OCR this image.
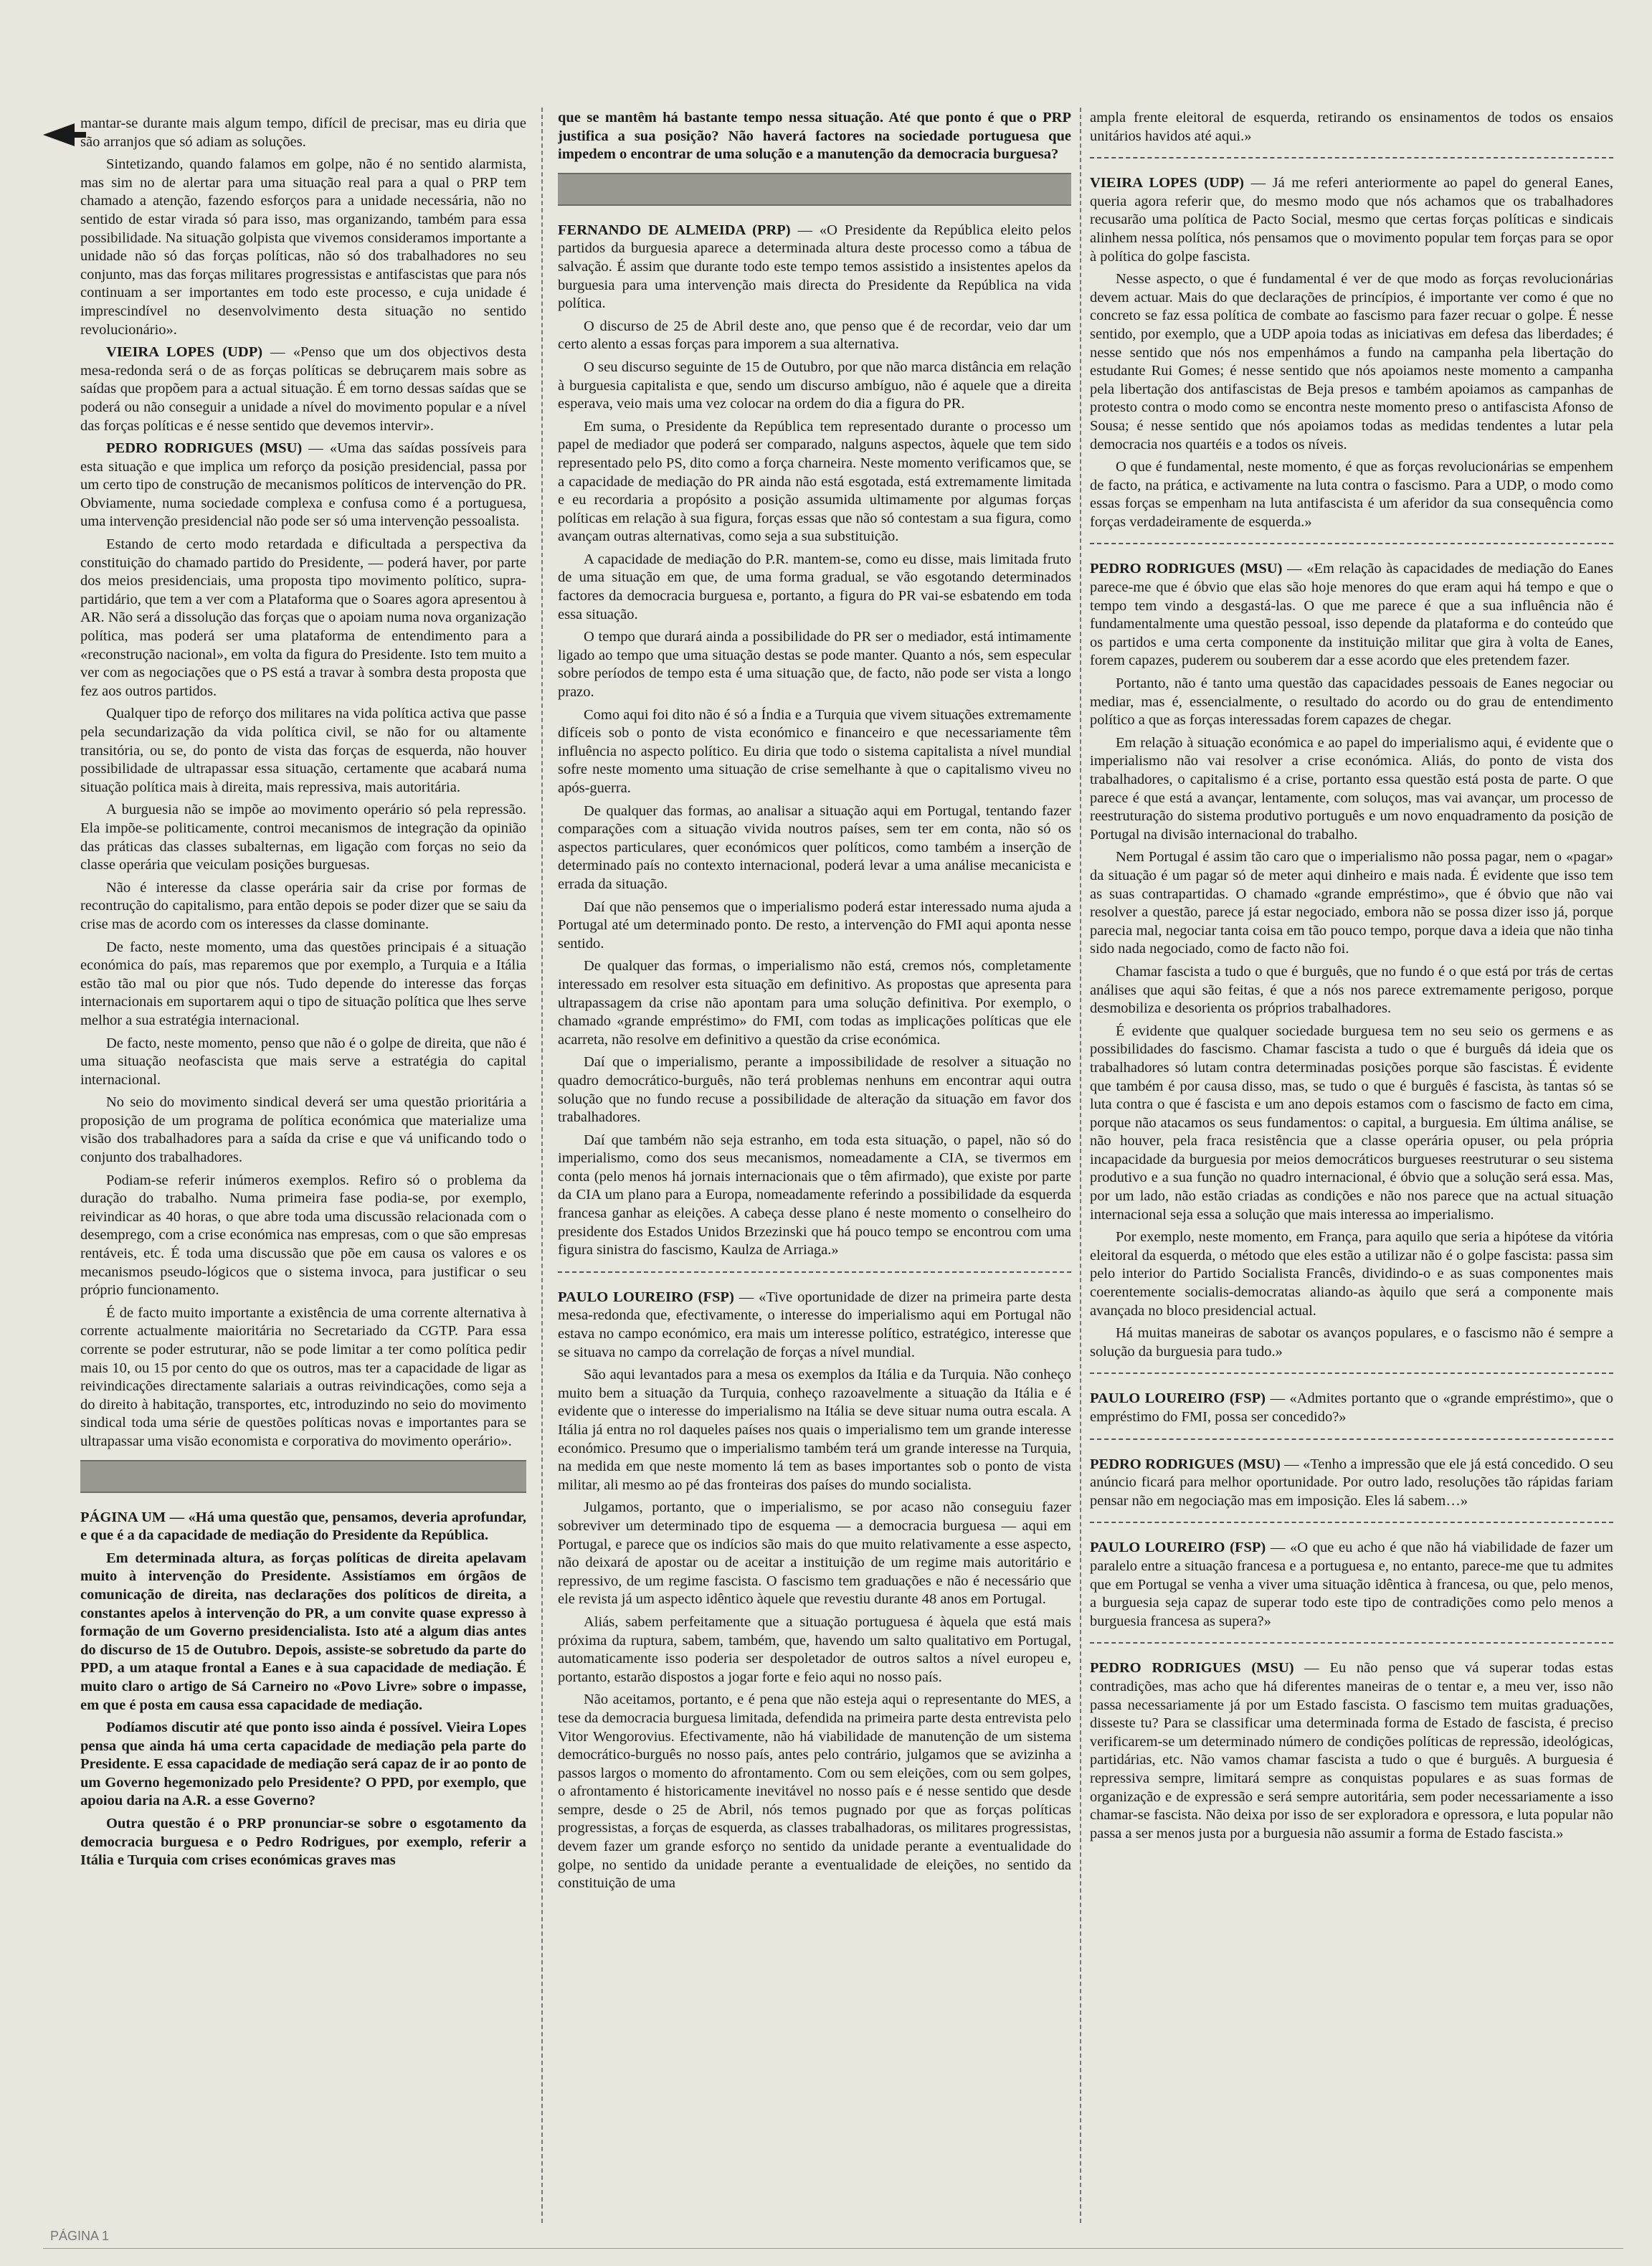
mantar-se durante mais algum tempo, difícil de precisar, mas eu diria que são arranjos que só adiam as soluções.

Sintetizando, quando falamos em golpe, não é no sentido alarmista, mas sim no de alertar para uma situação real para a qual o PRP tem chamado a atenção, fazendo esforços para a unidade necessária, não no sentido de estar virada só para isso, mas organizando, também para essa possibilidade. Na situação golpista que vivemos consideramos importante a unidade não só das forças políticas, não só dos trabalhadores no seu conjunto, mas das forças militares progressistas e antifascistas que para nós continuam a ser importantes em todo este processo, e cuja unidade é imprescindível no desenvolvimento desta situação no sentido revolucionário».

VIEIRA LOPES (UDP) — «Penso que um dos objectivos desta mesa-redonda será o de as forças políticas se debruçarem mais sobre as saídas que propõem para a actual situação. É em torno dessas saídas que se poderá ou não conseguir a unidade a nível do movimento popular e a nível das forças políticas e é nesse sentido que devemos intervir».

PEDRO RODRIGUES (MSU) — «Uma das saídas possíveis para esta situação e que implica um reforço da posição presidencial, passa por um certo tipo de construção de mecanismos políticos de intervenção do PR. Obviamente, numa sociedade complexa e confusa como é a portuguesa, uma intervenção presidencial não pode ser só uma intervenção pessoalista.

Estando de certo modo retardada e dificultada a perspectiva da constituição do chamado partido do Presidente, — poderá haver, por parte dos meios presidenciais, uma proposta tipo movimento político, supra-partidário, que tem a ver com a Plataforma que o Soares agora apresentou à AR. Não será a dissolução das forças que o apoiam numa nova organização política, mas poderá ser uma plataforma de entendimento para a «reconstrução nacional», em volta da figura do Presidente. Isto tem muito a ver com as negociações que o PS está a travar à sombra desta proposta que fez aos outros partidos.

Qualquer tipo de reforço dos militares na vida política activa que passe pela secundarização da vida política civil, se não for ou altamente transitória, ou se, do ponto de vista das forças de esquerda, não houver possibilidade de ultrapassar essa situação, certamente que acabará numa situação política mais à direita, mais repressiva, mais autoritária.

A burguesia não se impõe ao movimento operário só pela repressão. Ela impõe-se politicamente, controi mecanismos de integração da opinião das práticas das classes subalternas, em ligação com forças no seio da classe operária que veiculam posições burguesas.

Não é interesse da classe operária sair da crise por formas de recontrução do capitalismo, para então depois se poder dizer que se saiu da crise mas de acordo com os interesses da classe dominante.

De facto, neste momento, uma das questões principais é a situação económica do país, mas reparemos que por exemplo, a Turquia e a Itália estão tão mal ou pior que nós. Tudo depende do interesse das forças internacionais em suportarem aqui o tipo de situação política que lhes serve melhor a sua estratégia internacional.

De facto, neste momento, penso que não é o golpe de direita, que não é uma situação neofascista que mais serve a estratégia do capital internacional.

No seio do movimento sindical deverá ser uma questão prioritária a proposição de um programa de política económica que materialize uma visão dos trabalhadores para a saída da crise e que vá unificando todo o conjunto dos trabalhadores.

Podiam-se referir inúmeros exemplos. Refiro só o problema da duração do trabalho. Numa primeira fase podia-se, por exemplo, reivindicar as 40 horas, o que abre toda uma discussão relacionada com o desemprego, com a crise económica nas empresas, com o que são empresas rentáveis, etc. É toda uma discussão que põe em causa os valores e os mecanismos pseudo-lógicos que o sistema invoca, para justificar o seu próprio funcionamento.

É de facto muito importante a existência de uma corrente alternativa à corrente actualmente maioritária no Secretariado da CGTP. Para essa corrente se poder estruturar, não se pode limitar a ter como política pedir mais 10, ou 15 por cento do que os outros, mas ter a capacidade de ligar as reivindicações directamente salariais a outras reivindicações, como seja a do direito à habitação, transportes, etc, introduzindo no seio do movimento sindical toda uma série de questões políticas novas e importantes para se ultrapassar uma visão economista e corporativa do movimento operário».

PÁGINA UM — «Há uma questão que, pensamos, deveria aprofundar, e que é a da capacidade de mediação do Presidente da República.

Em determinada altura, as forças políticas de direita apelavam muito à intervenção do Presidente. Assistíamos em órgãos de comunicação de direita, nas declarações dos políticos de direita, a constantes apelos à intervenção do PR, a um convite quase expresso à formação de um Governo presidencialista. Isto até a algum dias antes do discurso de 15 de Outubro. Depois, assiste-se sobretudo da parte do PPD, a um ataque frontal a Eanes e à sua capacidade de mediação. É muito claro o artigo de Sá Carneiro no «Povo Livre» sobre o impasse, em que é posta em causa essa capacidade de mediação.

Podíamos discutir até que ponto isso ainda é possível. Vieira Lopes pensa que ainda há uma certa capacidade de mediação pela parte do Presidente. E essa capacidade de mediação será capaz de ir ao ponto de um Governo hegemonizado pelo Presidente? O PPD, por exemplo, que apoiou daria na A.R. a esse Governo?

Outra questão é o PRP pronunciar-se sobre o esgotamento da democracia burguesa e o Pedro Rodrigues, por exemplo, referir a Itália e Turquia com crises económicas graves mas

que se mantêm há bastante tempo nessa situação. Até que ponto é que o PRP justifica a sua posição? Não haverá factores na sociedade portuguesa que impedem o encontrar de uma solução e a manutenção da democracia burguesa?

FERNANDO DE ALMEIDA (PRP) — «O Presidente da República eleito pelos partidos da burguesia aparece a determinada altura deste processo como a tábua de salvação. É assim que durante todo este tempo temos assistido a insistentes apelos da burguesia para uma intervenção mais directa do Presidente da República na vida política.

O discurso de 25 de Abril deste ano, que penso que é de recordar, veio dar um certo alento a essas forças para imporem a sua alternativa.

O seu discurso seguinte de 15 de Outubro, por que não marca distância em relação à burguesia capitalista e que, sendo um discurso ambíguo, não é aquele que a direita esperava, veio mais uma vez colocar na ordem do dia a figura do PR.

Em suma, o Presidente da República tem representado durante o processo um papel de mediador que poderá ser comparado, nalguns aspectos, àquele que tem sido representado pelo PS, dito como a força charneira. Neste momento verificamos que, se a capacidade de mediação do PR ainda não está esgotada, está extremamente limitada e eu recordaria a propósito a posição assumida ultimamente por algumas forças políticas em relação à sua figura, forças essas que não só contestam a sua figura, como avançam outras alternativas, como seja a sua substituição.

A capacidade de mediação do P.R. mantem-se, como eu disse, mais limitada fruto de uma situação em que, de uma forma gradual, se vão esgotando determinados factores da democracia burguesa e, portanto, a figura do PR vai-se esbatendo em toda essa situação.

O tempo que durará ainda a possibilidade do PR ser o mediador, está intimamente ligado ao tempo que uma situação destas se pode manter. Quanto a nós, sem especular sobre períodos de tempo esta é uma situação que, de facto, não pode ser vista a longo prazo.

Como aqui foi dito não é só a Índia e a Turquia que vivem situações extremamente difíceis sob o ponto de vista económico e financeiro e que necessariamente têm influência no aspecto político. Eu diria que todo o sistema capitalista a nível mundial sofre neste momento uma situação de crise semelhante à que o capitalismo viveu no após-guerra.

De qualquer das formas, ao analisar a situação aqui em Portugal, tentando fazer comparações com a situação vivida noutros países, sem ter em conta, não só os aspectos particulares, quer económicos quer políticos, como também a inserção de determinado país no contexto internacional, poderá levar a uma análise mecanicista e errada da situação.

Daí que não pensemos que o imperialismo poderá estar interessado numa ajuda a Portugal até um determinado ponto. De resto, a intervenção do FMI aqui aponta nesse sentido.

De qualquer das formas, o imperialismo não está, cremos nós, completamente interessado em resolver esta situação em definitivo. As propostas que apresenta para ultrapassagem da crise não apontam para uma solução definitiva. Por exemplo, o chamado «grande empréstimo» do FMI, com todas as implicações políticas que ele acarreta, não resolve em definitivo a questão da crise económica.

Daí que o imperialismo, perante a impossibilidade de resolver a situação no quadro democrático-burguês, não terá problemas nenhuns em encontrar aqui outra solução que no fundo recuse a possibilidade de alteração da situação em favor dos trabalhadores.

Daí que também não seja estranho, em toda esta situação, o papel, não só do imperialismo, como dos seus mecanismos, nomeadamente a CIA, se tivermos em conta (pelo menos há jornais internacionais que o têm afirmado), que existe por parte da CIA um plano para a Europa, nomeadamente referindo a possibilidade da esquerda francesa ganhar as eleições. A cabeça desse plano é neste momento o conselheiro do presidente dos Estados Unidos Brzezinski que há pouco tempo se encontrou com uma figura sinistra do fascismo, Kaulza de Arriaga.»

PAULO LOUREIRO (FSP) — «Tive oportunidade de dizer na primeira parte desta mesa-redonda que, efectivamente, o interesse do imperialismo aqui em Portugal não estava no campo económico, era mais um interesse político, estratégico, interesse que se situava no campo da correlação de forças a nível mundial.

São aqui levantados para a mesa os exemplos da Itália e da Turquia. Não conheço muito bem a situação da Turquia, conheço razoavelmente a situação da Itália e é evidente que o interesse do imperialismo na Itália se deve situar numa outra escala. A Itália já entra no rol daqueles países nos quais o imperialismo tem um grande interesse económico. Presumo que o imperialismo também terá um grande interesse na Turquia, na medida em que neste momento lá tem as bases importantes sob o ponto de vista militar, ali mesmo ao pé das fronteiras dos países do mundo socialista.

Julgamos, portanto, que o imperialismo, se por acaso não conseguiu fazer sobreviver um determinado tipo de esquema — a democracia burguesa — aqui em Portugal, e parece que os indícios são mais do que muito relativamente a esse aspecto, não deixará de apostar ou de aceitar a instituição de um regime mais autoritário e repressivo, de um regime fascista. O fascismo tem graduações e não é necessário que ele revista já um aspecto idêntico àquele que revestiu durante 48 anos em Portugal.

Aliás, sabem perfeitamente que a situação portuguesa é àquela que está mais próxima da ruptura, sabem, também, que, havendo um salto qualitativo em Portugal, automaticamente isso poderia ser despoletador de outros saltos a nível europeu e, portanto, estarão dispostos a jogar forte e feio aqui no nosso país.

Não aceitamos, portanto, e é pena que não esteja aqui o representante do MES, a tese da democracia burguesa limitada, defendida na primeira parte desta entrevista pelo Vitor Wengorovius. Efectivamente, não há viabilidade de manutenção de um sistema democrático-burguês no nosso país, antes pelo contrário, julgamos que se avizinha a passos largos o momento do afrontamento. Com ou sem eleições, com ou sem golpes, o afrontamento é historicamente inevitável no nosso país e é nesse sentido que desde sempre, desde o 25 de Abril, nós temos pugnado por que as forças políticas progressistas, a forças de esquerda, as classes trabalhadoras, os militares progressistas, devem fazer um grande esforço no sentido da unidade perante a eventualidade do golpe, no sentido da unidade perante a eventualidade de eleições, no sentido da constituição de uma

ampla frente eleitoral de esquerda, retirando os ensinamentos de todos os ensaios unitários havidos até aqui.»

VIEIRA LOPES (UDP) — Já me referi anteriormente ao papel do general Eanes, queria agora referir que, do mesmo modo que nós achamos que os trabalhadores recusarão uma política de Pacto Social, mesmo que certas forças políticas e sindicais alinhem nessa política, nós pensamos que o movimento popular tem forças para se opor à política do golpe fascista.

Nesse aspecto, o que é fundamental é ver de que modo as forças revolucionárias devem actuar. Mais do que declarações de princípios, é importante ver como é que no concreto se faz essa política de combate ao fascismo para fazer recuar o golpe. É nesse sentido, por exemplo, que a UDP apoia todas as iniciativas em defesa das liberdades; é nesse sentido que nós nos empenhámos a fundo na campanha pela libertação do estudante Rui Gomes; é nesse sentido que nós apoiamos neste momento a campanha pela libertação dos antifascistas de Beja presos e também apoiamos as campanhas de protesto contra o modo como se encontra neste momento preso o antifascista Afonso de Sousa; é nesse sentido que nós apoiamos todas as medidas tendentes a lutar pela democracia nos quartéis e a todos os níveis.

O que é fundamental, neste momento, é que as forças revolucionárias se empenhem de facto, na prática, e activamente na luta contra o fascismo. Para a UDP, o modo como essas forças se empenham na luta antifascista é um aferidor da sua consequência como forças verdadeiramente de esquerda.»

PEDRO RODRIGUES (MSU) — «Em relação às capacidades de mediação do Eanes parece-me que é óbvio que elas são hoje menores do que eram aqui há tempo e que o tempo tem vindo a desgastá-las. O que me parece é que a sua influência não é fundamentalmente uma questão pessoal, isso depende da plataforma e do conteúdo que os partidos e uma certa componente da instituição militar que gira à volta de Eanes, forem capazes, puderem ou souberem dar a esse acordo que eles pretendem fazer.

Portanto, não é tanto uma questão das capacidades pessoais de Eanes negociar ou mediar, mas é, essencialmente, o resultado do acordo ou do grau de entendimento político a que as forças interessadas forem capazes de chegar.

Em relação à situação económica e ao papel do imperialismo aqui, é evidente que o imperialismo não vai resolver a crise económica. Aliás, do ponto de vista dos trabalhadores, o capitalismo é a crise, portanto essa questão está posta de parte. O que parece é que está a avançar, lentamente, com soluços, mas vai avançar, um processo de reestruturação do sistema produtivo português e um novo enquadramento da posição de Portugal na divisão internacional do trabalho.

Nem Portugal é assim tão caro que o imperialismo não possa pagar, nem o «pagar» da situação é um pagar só de meter aqui dinheiro e mais nada. É evidente que isso tem as suas contrapartidas. O chamado «grande empréstimo», que é óbvio que não vai resolver a questão, parece já estar negociado, embora não se possa dizer isso já, porque parecia mal, negociar tanta coisa em tão pouco tempo, porque dava a ideia que não tinha sido nada negociado, como de facto não foi.

Chamar fascista a tudo o que é burguês, que no fundo é o que está por trás de certas análises que aqui são feitas, é que a nós nos parece extremamente perigoso, porque desmobiliza e desorienta os próprios trabalhadores.

É evidente que qualquer sociedade burguesa tem no seu seio os germens e as possibilidades do fascismo. Chamar fascista a tudo o que é burguês dá ideia que os trabalhadores só lutam contra determinadas posições porque são fascistas. É evidente que também é por causa disso, mas, se tudo o que é burguês é fascista, às tantas só se luta contra o que é fascista e um ano depois estamos com o fascismo de facto em cima, porque não atacamos os seus fundamentos: o capital, a burguesia. Em última análise, se não houver, pela fraca resistência que a classe operária opuser, ou pela própria incapacidade da burguesia por meios democráticos burgueses reestruturar o seu sistema produtivo e a sua função no quadro internacional, é óbvio que a solução será essa. Mas, por um lado, não estão criadas as condições e não nos parece que na actual situação internacional seja essa a solução que mais interessa ao imperialismo.

Por exemplo, neste momento, em França, para aquilo que seria a hipótese da vitória eleitoral da esquerda, o método que eles estão a utilizar não é o golpe fascista: passa sim pelo interior do Partido Socialista Francês, dividindo-o e as suas componentes mais coerentemente socialis-democratas aliando-as àquilo que será a componente mais avançada no bloco presidencial actual.

Há muitas maneiras de sabotar os avanços populares, e o fascismo não é sempre a solução da burguesia para tudo.»

PAULO LOUREIRO (FSP) — «Admites portanto que o «grande empréstimo», que o empréstimo do FMI, possa ser concedido?»

PEDRO RODRIGUES (MSU) — «Tenho a impressão que ele já está concedido. O seu anúncio ficará para melhor oportunidade. Por outro lado, resoluções tão rápidas fariam pensar não em negociação mas em imposição. Eles lá sabem…»

PAULO LOUREIRO (FSP) — «O que eu acho é que não há viabilidade de fazer um paralelo entre a situação francesa e a portuguesa e, no entanto, parece-me que tu admites que em Portugal se venha a viver uma situação idêntica à francesa, ou que, pelo menos, a burguesia seja capaz de superar todo este tipo de contradições como pelo menos a burguesia francesa as supera?»

PEDRO RODRIGUES (MSU) — Eu não penso que vá superar todas estas contradições, mas acho que há diferentes maneiras de o tentar e, a meu ver, isso não passa necessariamente já por um Estado fascista. O fascismo tem muitas graduações, disseste tu? Para se classificar uma determinada forma de Estado de fascista, é preciso verificarem-se um determinado número de condições políticas de repressão, ideológicas, partidárias, etc. Não vamos chamar fascista a tudo o que é burguês. A burguesia é repressiva sempre, limitará sempre as conquistas populares e as suas formas de organização e de expressão e será sempre autoritária, sem poder necessariamente a isso chamar-se fascista. Não deixa por isso de ser exploradora e opressora, e luta popular não passa a ser menos justa por a burguesia não assumir a forma de Estado fascista.»

PÁGINA 1
